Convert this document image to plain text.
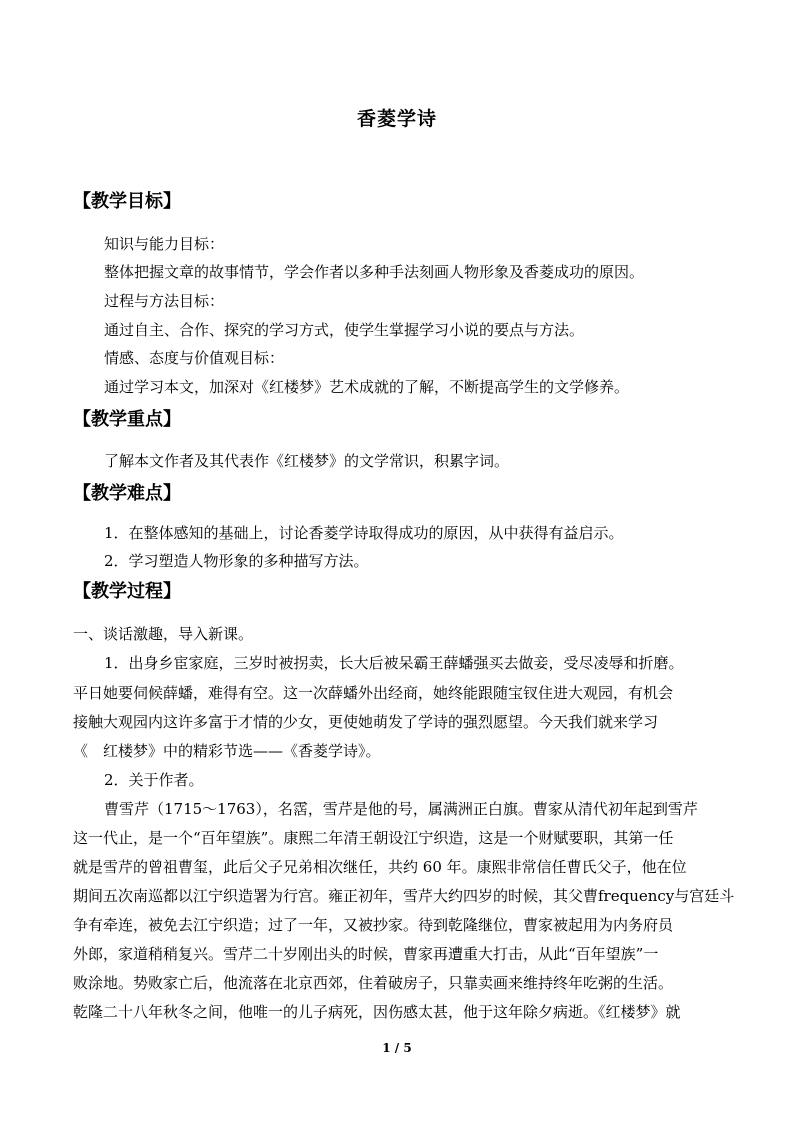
香菱学诗
【教学目标】
知识与能力目标：
整体把握文章的故事情节，学会作者以多种手法刻画人物形象及香菱成功的原因。
过程与方法目标：
通过自主、合作、探究的学习方式，使学生掌握学习小说的要点与方法。
情感、态度与价值观目标：
通过学习本文，加深对《红楼梦》艺术成就的了解，不断提高学生的文学修养。
【教学重点】
了解本文作者及其代表作《红楼梦》的文学常识，积累字词。
【教学难点】
1．在整体感知的基础上，讨论香菱学诗取得成功的原因，从中获得有益启示。
2．学习塑造人物形象的多种描写方法。
【教学过程】
一、谈话激趣，导入新课。
1．出身乡宦家庭，三岁时被拐卖，长大后被呆霸王薛蟠强买去做妾，受尽凌辱和折磨。
平日她要伺候薛蟠，难得有空。这一次薛蟠外出经商，她终能跟随宝钗住进大观园，有机会
接触大观园内这许多富于才情的少女，更使她萌发了学诗的强烈愿望。今天我们就来学习
《　红楼梦》中的精彩节选——《香菱学诗》。
2．关于作者。
曹雪芹（1715～1763），名霑，雪芹是他的号，属满洲正白旗。曹家从清代初年起到雪芹
这一代止，是一个“百年望族”。康熙二年清王朝设江宁织造，这是一个财赋要职，其第一任
就是雪芹的曾祖曹玺，此后父子兄弟相次继任，共约 60 年。康熙非常信任曹氏父子，他在位
期间五次南巡都以江宁织造署为行宫。雍正初年，雪芹大约四岁的时候，其父曹frequency与宫廷斗
争有牵连，被免去江宁织造；过了一年，又被抄家。待到乾隆继位，曹家被起用为内务府员
外郎，家道稍稍复兴。雪芹二十岁刚出头的时候，曹家再遭重大打击，从此“百年望族”一
败涂地。势败家亡后，他流落在北京西郊，住着破房子，只靠卖画来维持终年吃粥的生活。
乾隆二十八年秋冬之间，他唯一的儿子病死，因伤感太甚，他于这年除夕病逝。《红楼梦》就
1 / 5
